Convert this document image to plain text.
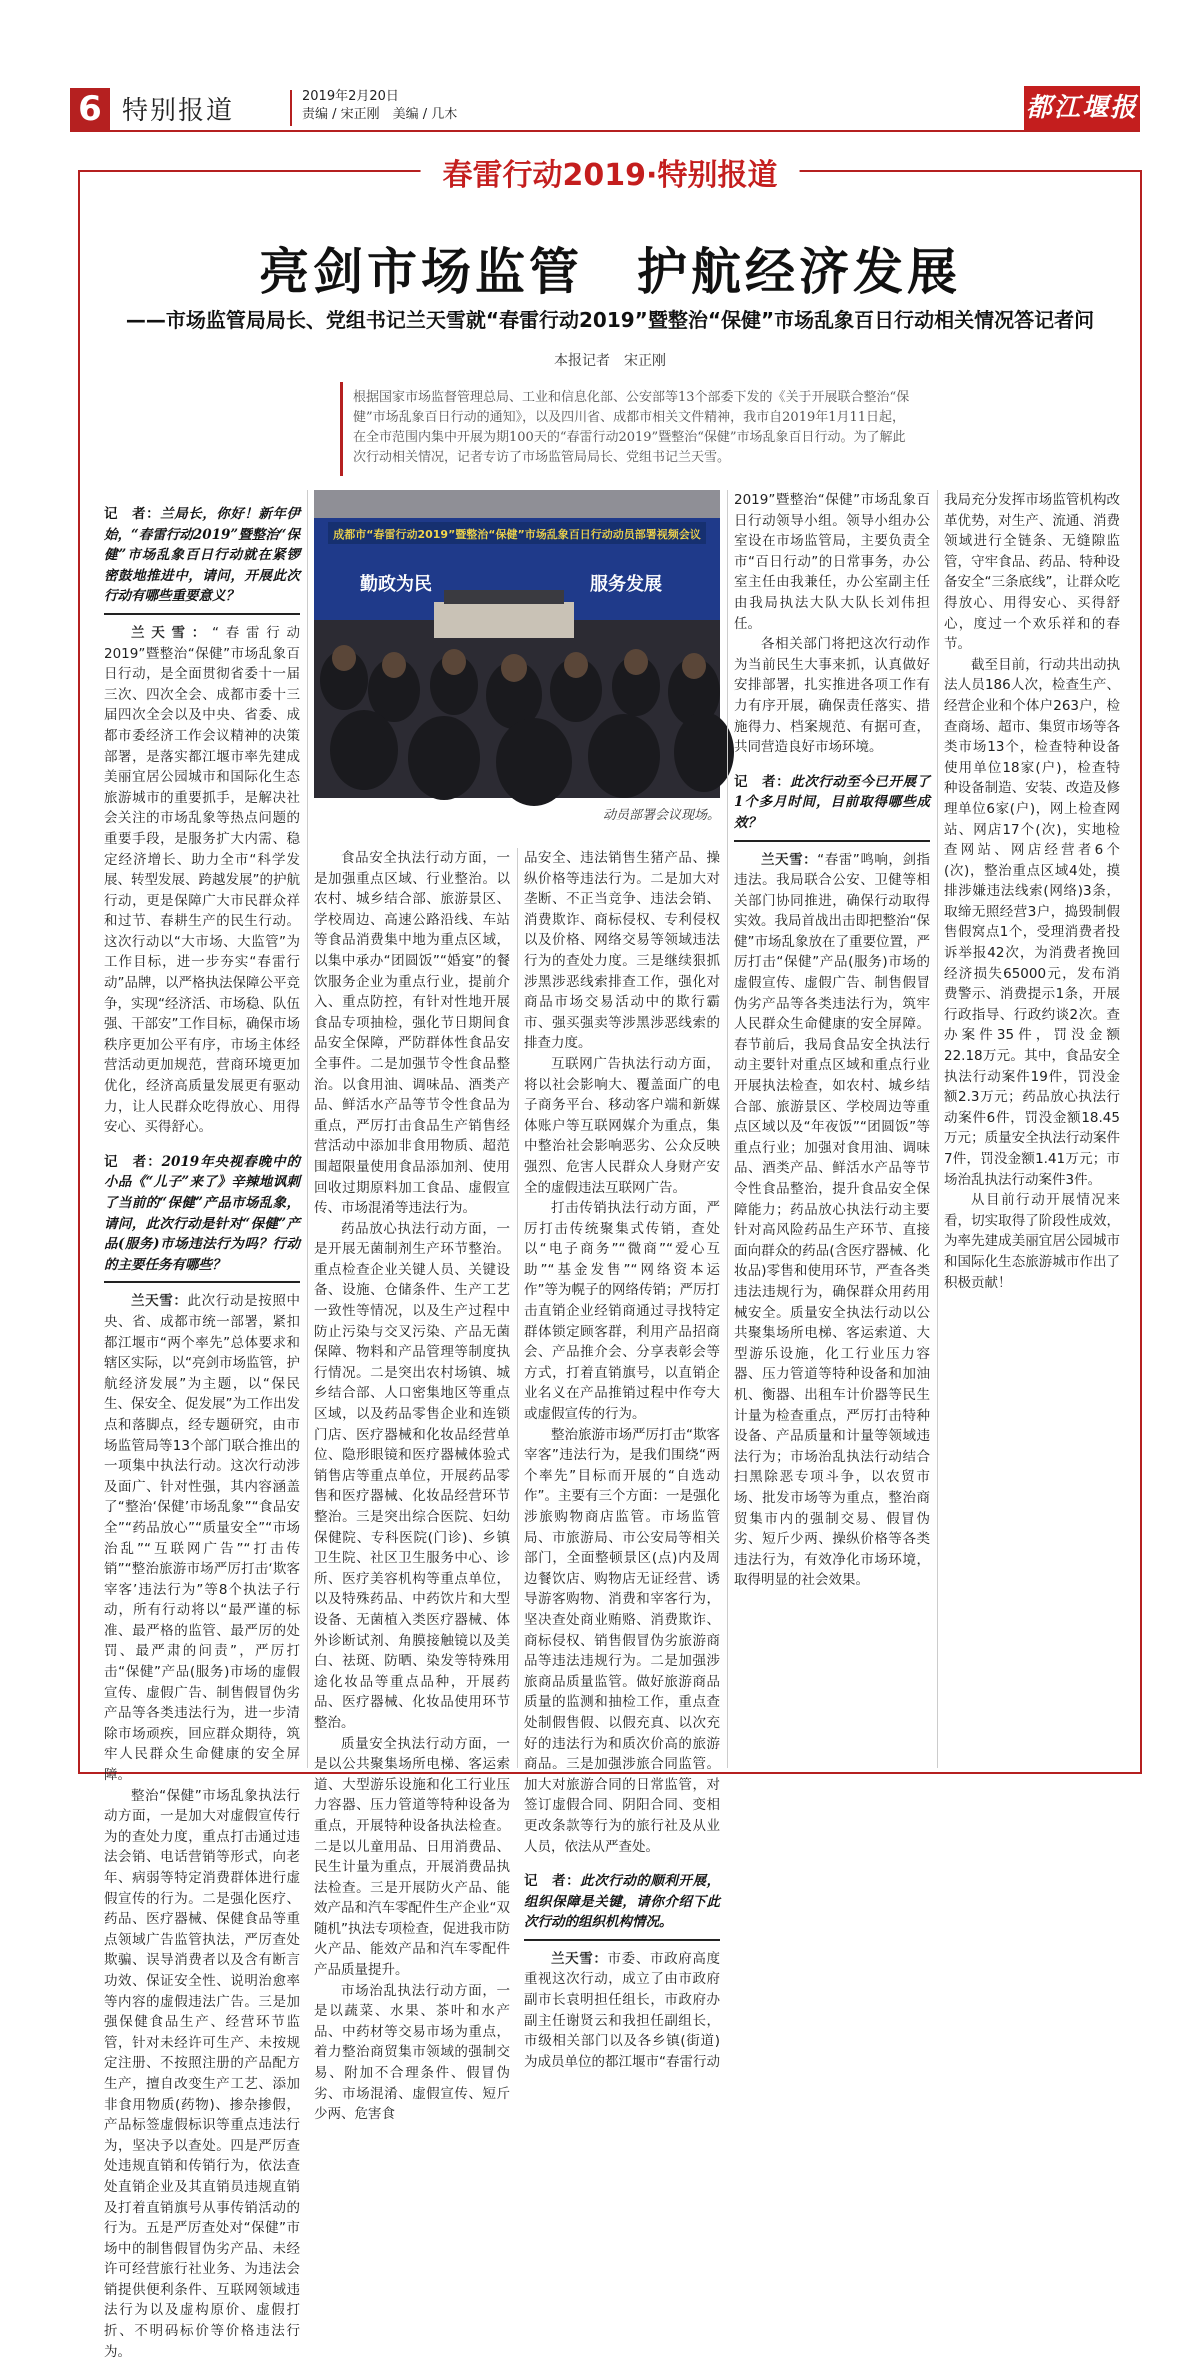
6 特别报道	2019年2月20日
责编 / 宋正刚　美编 / 几木	都江堰报
春雷行动2019·特别报道
亮剑市场监管　护航经济发展
——市场监管局局长、党组书记兰天雪就“春雷行动2019”暨整治“保健”市场乱象百日行动相关情况答记者问
本报记者　宋正刚
根据国家市场监督管理总局、工业和信息化部、公安部等13个部委下发的《关于开展联合整治“保健”市场乱象百日行动的通知》，以及四川省、成都市相关文件精神，我市自2019年1月11日起，在全市范围内集中开展为期100天的“春雷行动2019”暨整治“保健”市场乱象百日行动。为了解此次行动相关情况，记者专访了市场监管局局长、党组书记兰天雪。
记　者：兰局长，你好！新年伊始，“春雷行动2019”暨整治“保健”市场乱象百日行动就在紧锣密鼓地推进中，请问，开展此次行动有哪些重要意义？

兰天雪：“春雷行动2019”暨整治“保健”市场乱象百日行动，是全面贯彻省委十一届三次、四次全会、成都市委十三届四次全会以及中央、省委、成都市委经济工作会议精神的决策部署，是落实都江堰市率先建成美丽宜居公园城市和国际化生态旅游城市的重要抓手，是解决社会关注的市场乱象等热点问题的重要手段，是服务扩大内需、稳定经济增长、助力全市“科学发展、转型发展、跨越发展”的护航行动，更是保障广大市民群众祥和过节、春耕生产的民生行动。这次行动以“大市场、大监管”为工作目标，进一步夯实“春雷行动”品牌，以严格执法保障公平竞争，实现“经济活、市场稳、队伍强、干部安”工作目标，确保市场秩序更加公平有序，市场主体经营活动更加规范，营商环境更加优化，经济高质量发展更有驱动力，让人民群众吃得放心、用得安心、买得舒心。

记　者：2019年央视春晚中的小品《“儿子”来了》辛辣地讽刺了当前的“保健”产品市场乱象，请问，此次行动是针对“保健”产品(服务)市场违法行为吗？行动的主要任务有哪些？

兰天雪：此次行动是按照中央、省、成都市统一部署，紧扣都江堰市“两个率先”总体要求和辖区实际，以“亮剑市场监管，护航经济发展”为主题，以“保民生、保安全、促发展”为工作出发点和落脚点，经专题研究，由市场监管局等13个部门联合推出的一项集中执法行动。这次行动涉及面广、针对性强，其内容涵盖了“整治‘保健’市场乱象”“食品安全”“药品放心”“质量安全”“市场治乱”“互联网广告”“打击传销”“整治旅游市场严厉打击‘欺客宰客’违法行为”等8个执法子行动，所有行动将以“最严谨的标准、最严格的监管、最严厉的处罚、最严肃的问责”，严厉打击“保健”产品(服务)市场的虚假宣传、虚假广告、制售假冒伪劣产品等各类违法行为，进一步清除市场顽疾，回应群众期待，筑牢人民群众生命健康的安全屏障。

整治“保健”市场乱象执法行动方面，一是加大对虚假宣传行为的查处力度，重点打击通过违法会销、电话营销等形式，向老年、病弱等特定消费群体进行虚假宣传的行为。二是强化医疗、药品、医疗器械、保健食品等重点领域广告监管执法，严厉查处欺骗、误导消费者以及含有断言功效、保证安全性、说明治愈率等内容的虚假违法广告。三是加强保健食品生产、经营环节监管，针对未经许可生产、未按规定注册、不按照注册的产品配方生产，擅自改变生产工艺、添加非食用物质(药物)、掺杂掺假，产品标签虚假标识等重点违法行为，坚决予以查处。四是严厉查处违规直销和传销行为，依法查处直销企业及其直销员违规直销及打着直销旗号从事传销活动的行为。五是严厉查处对“保健”市场中的制售假冒伪劣产品、未经许可经营旅行社业务、为违法会销提供便利条件、互联网领域违法行为以及虚构原价、虚假打折、不明码标价等价格违法行为。

成都市“春雷行动2019”暨整治“保健”市场乱象百日行动动员部署视频会议
勤政为民	服务发展
动员部署会议现场。

食品安全执法行动方面，一是加强重点区域、行业整治。以农村、城乡结合部、旅游景区、学校周边、高速公路沿线、车站等食品消费集中地为重点区域，以集中承办“团圆饭”“婚宴”的餐饮服务企业为重点行业，提前介入、重点防控，有针对性地开展食品专项抽检，强化节日期间食品安全保障，严防群体性食品安全事件。二是加强节令性食品整治。以食用油、调味品、酒类产品、鲜活水产品等节令性食品为重点，严厉打击食品生产销售经营活动中添加非食用物质、超范围超限量使用食品添加剂、使用回收过期原料加工食品、虚假宣传、市场混淆等违法行为。

药品放心执法行动方面，一是开展无菌制剂生产环节整治。重点检查企业关键人员、关键设备、设施、仓储条件、生产工艺一致性等情况，以及生产过程中防止污染与交叉污染、产品无菌保障、物料和产品管理等制度执行情况。二是突出农村场镇、城乡结合部、人口密集地区等重点区域，以及药品零售企业和连锁门店、医疗器械和化妆品经营单位、隐形眼镜和医疗器械体验式销售店等重点单位，开展药品零售和医疗器械、化妆品经营环节整治。三是突出综合医院、妇幼保健院、专科医院(门诊)、乡镇卫生院、社区卫生服务中心、诊所、医疗美容机构等重点单位，以及特殊药品、中药饮片和大型设备、无菌植入类医疗器械、体外诊断试剂、角膜接触镜以及美白、祛斑、防晒、染发等特殊用途化妆品等重点品种，开展药品、医疗器械、化妆品使用环节整治。

质量安全执法行动方面，一是以公共聚集场所电梯、客运索道、大型游乐设施和化工行业压力容器、压力管道等特种设备为重点，开展特种设备执法检查。二是以儿童用品、日用消费品、民生计量为重点，开展消费品执法检查。三是开展防火产品、能效产品和汽车零配件生产企业“双随机”执法专项检查，促进我市防火产品、能效产品和汽车零配件产品质量提升。

市场治乱执法行动方面，一是以蔬菜、水果、茶叶和水产品、中药材等交易市场为重点，着力整治商贸集市领域的强制交易、附加不合理条件、假冒伪劣、市场混淆、虚假宣传、短斤少两、危害食

品安全、违法销售生猪产品、操纵价格等违法行为。二是加大对垄断、不正当竞争、违法会销、消费欺诈、商标侵权、专利侵权以及价格、网络交易等领域违法行为的查处力度。三是继续狠抓涉黑涉恶线索排查工作，强化对商品市场交易活动中的欺行霸市、强买强卖等涉黑涉恶线索的排查力度。

互联网广告执法行动方面，将以社会影响大、覆盖面广的电子商务平台、移动客户端和新媒体账户等互联网媒介为重点，集中整治社会影响恶劣、公众反映强烈、危害人民群众人身财产安全的虚假违法互联网广告。

打击传销执法行动方面，严厉打击传统聚集式传销，查处以“电子商务”“微商”“爱心互助”“基金发售”“网络资本运作”等为幌子的网络传销；严厉打击直销企业经销商通过寻找特定群体锁定顾客群，利用产品招商会、产品推介会、分享表彰会等方式，打着直销旗号，以直销企业名义在产品推销过程中作夸大或虚假宣传的行为。

整治旅游市场严厉打击“欺客宰客”违法行为，是我们围绕“两个率先”目标而开展的“自选动作”。主要有三个方面：一是强化涉旅购物商店监管。市场监管局、市旅游局、市公安局等相关部门，全面整顿景区(点)内及周边餐饮店、购物店无证经营、诱导游客购物、消费和宰客行为，坚决查处商业贿赂、消费欺诈、商标侵权、销售假冒伪劣旅游商品等违法违规行为。二是加强涉旅商品质量监管。做好旅游商品质量的监测和抽检工作，重点查处制假售假、以假充真、以次充好的违法行为和质次价高的旅游商品。三是加强涉旅合同监管。加大对旅游合同的日常监管，对签订虚假合同、阴阳合同、变相更改条款等行为的旅行社及从业人员，依法从严查处。

记　者：此次行动的顺利开展，组织保障是关键，请你介绍下此次行动的组织机构情况。

兰天雪：市委、市政府高度重视这次行动，成立了由市政府副市长袁明担任组长，市政府办副主任谢贤云和我担任副组长，市级相关部门以及各乡镇(街道)为成员单位的都江堰市“春雷行动

2019”暨整治“保健”市场乱象百日行动领导小组。领导小组办公室设在市场监管局，主要负责全市“百日行动”的日常事务，办公室主任由我兼任，办公室副主任由我局执法大队大队长刘伟担任。

各相关部门将把这次行动作为当前民生大事来抓，认真做好安排部署，扎实推进各项工作有力有序开展，确保责任落实、措施得力、档案规范、有据可查，共同营造良好市场环境。

记　者：此次行动至今已开展了1个多月时间，目前取得哪些成效？

兰天雪：“春雷”鸣响，剑指违法。我局联合公安、卫健等相关部门协同推进，确保行动取得实效。我局首战出击即把整治“保健”市场乱象放在了重要位置，严厉打击“保健”产品(服务)市场的虚假宣传、虚假广告、制售假冒伪劣产品等各类违法行为，筑牢人民群众生命健康的安全屏障。春节前后，我局食品安全执法行动主要针对重点区域和重点行业开展执法检查，如农村、城乡结合部、旅游景区、学校周边等重点区域以及“年夜饭”“团圆饭”等重点行业；加强对食用油、调味品、酒类产品、鲜活水产品等节令性食品整治，提升食品安全保障能力；药品放心执法行动主要针对高风险药品生产环节、直接面向群众的药品(含医疗器械、化妆品)零售和使用环节，严查各类违法违规行为，确保群众用药用械安全。质量安全执法行动以公共聚集场所电梯、客运索道、大型游乐设施，化工行业压力容器、压力管道等特种设备和加油机、衡器、出租车计价器等民生计量为检查重点，严厉打击特种设备、产品质量和计量等领域违法行为；市场治乱执法行动结合扫黑除恶专项斗争，以农贸市场、批发市场等为重点，整治商贸集市内的强制交易、假冒伪劣、短斤少两、操纵价格等各类违法行为，有效净化市场环境，取得明显的社会效果。

我局充分发挥市场监管机构改革优势，对生产、流通、消费领域进行全链条、无缝隙监管，守牢食品、药品、特种设备安全“三条底线”，让群众吃得放心、用得安心、买得舒心，度过一个欢乐祥和的春节。

截至目前，行动共出动执法人员186人次，检查生产、经营企业和个体户263户，检查商场、超市、集贸市场等各类市场13个，检查特种设备使用单位18家(户)，检查特种设备制造、安装、改造及修理单位6家(户)，网上检查网站、网店17个(次)，实地检查网站、网店经营者6个(次)，整治重点区域4处，摸排涉嫌违法线索(网络)3条，取缔无照经营3户，捣毁制假售假窝点1个，受理消费者投诉举报42次，为消费者挽回经济损失65000元，发布消费警示、消费提示1条，开展行政指导、行政约谈2次。查办案件35件，罚没金额22.18万元。其中，食品安全执法行动案件19件，罚没金额2.3万元；药品放心执法行动案件6件，罚没金额18.45万元；质量安全执法行动案件7件，罚没金额1.41万元；市场治乱执法行动案件3件。

从目前行动开展情况来看，切实取得了阶段性成效，为率先建成美丽宜居公园城市和国际化生态旅游城市作出了积极贡献！
